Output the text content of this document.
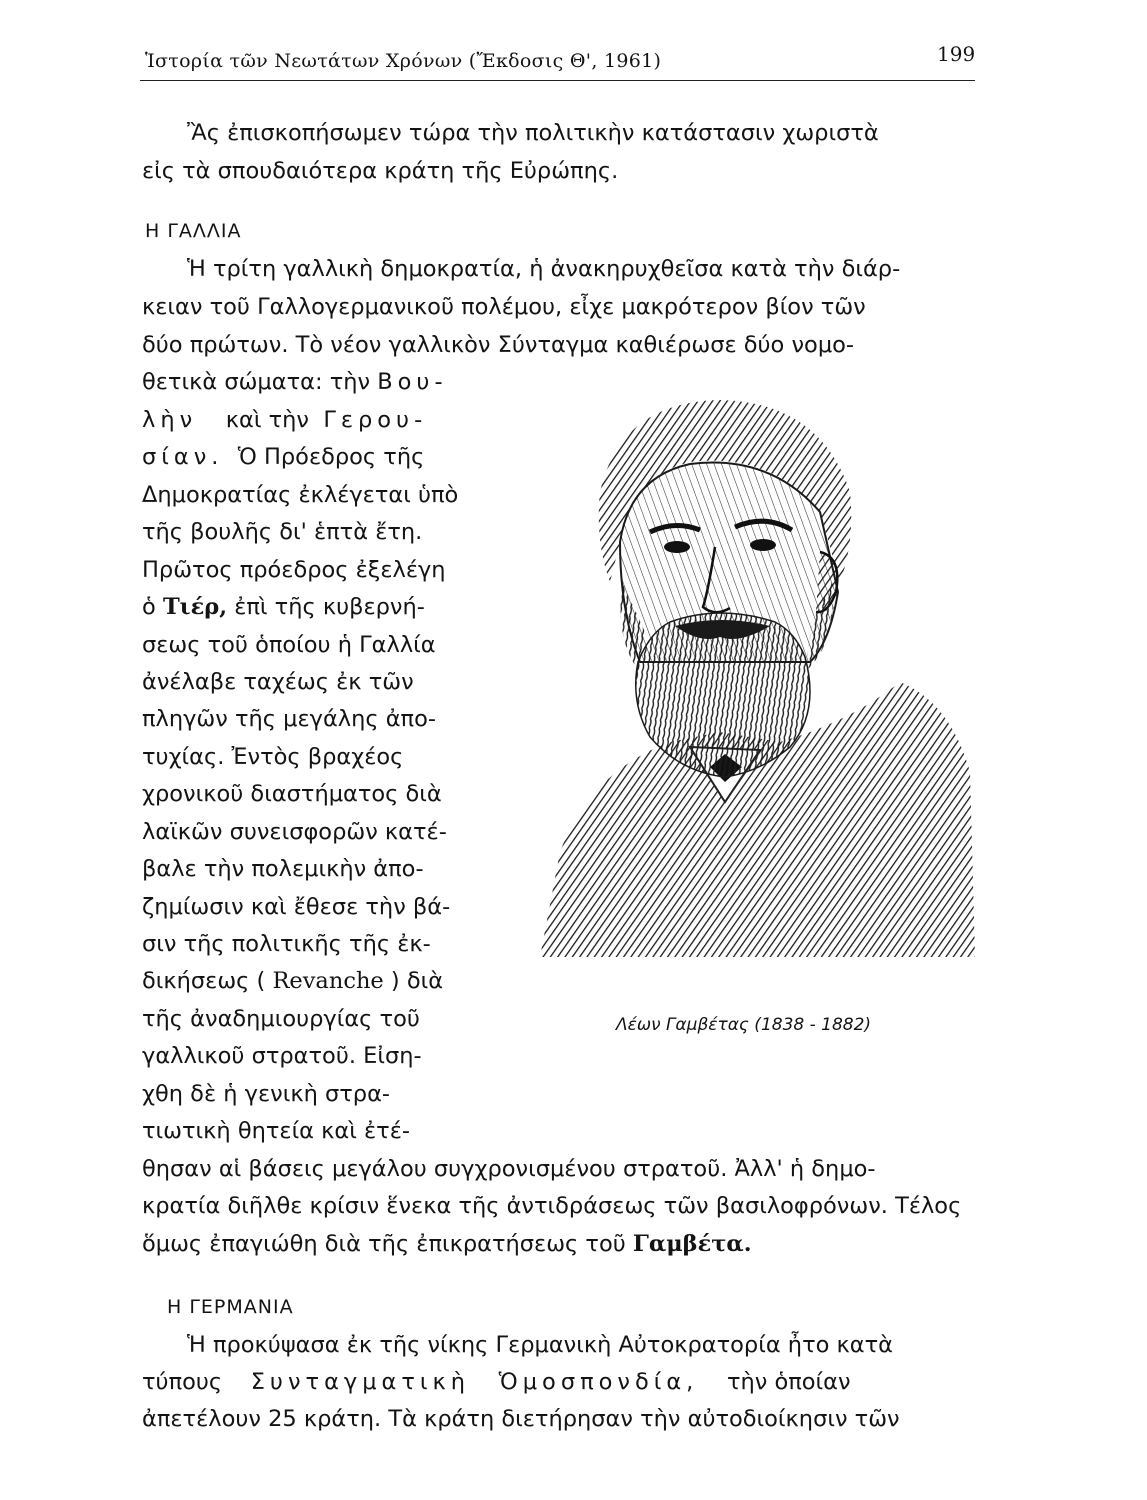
Ἱστορία τῶν Νεωτάτων Χρόνων (Ἔκδοσις Θ', 1961)	199
Ἂς ἐπισκοπήσωμεν τώρα τὴν πολιτικὴν κατάστασιν χωριστὰ
εἰς τὰ σπουδαιότερα κράτη τῆς Εὐρώπης.
Η ΓΑΛΛΙΑ
Ἡ τρίτη γαλλικὴ δημοκρατία, ἡ ἀνακηρυχθεῖσα κατὰ τὴν διάρ-
κειαν τοῦ Γαλλογερμανικοῦ πολέμου, εἶχε μακρότερον βίον τῶν
δύο πρώτων. Τὸ νέον γαλλικὸν Σύνταγμα καθιέρωσε δύο νομο-
θετικὰ σώματα: τὴν Βου-
λὴν καὶ τὴν Γερου-
σίαν. Ὁ Πρόεδρος τῆς
Δημοκρατίας ἐκλέγεται ὑπὸ
τῆς βουλῆς δι' ἑπτὰ ἔτη.
Πρῶτος πρόεδρος ἐξελέγη
ὁ Τιέρ, ἐπὶ τῆς κυβερνή-
σεως τοῦ ὁποίου ἡ Γαλλία
ἀνέλαβε ταχέως ἐκ τῶν
πληγῶν τῆς μεγάλης ἀπο-
τυχίας. Ἐντὸς βραχέος
χρονικοῦ διαστήματος διὰ
λαϊκῶν συνεισφορῶν κατέ-
βαλε τὴν πολεμικὴν ἀπο-
ζημίωσιν καὶ ἔθεσε τὴν βά-
σιν τῆς πολιτικῆς τῆς ἐκ-
δικήσεως ( Revanche ) διὰ
τῆς ἀναδημιουργίας τοῦ
γαλλικοῦ στρατοῦ. Εἰση-
χθη δὲ ἡ γενικὴ στρα-
τιωτικὴ θητεία καὶ ἐτέ-
Λέων Γαμβέτας (1838 - 1882)
θησαν αἱ βάσεις μεγάλου συγχρονισμένου στρατοῦ. Ἀλλ' ἡ δημο-
κρατία διῆλθε κρίσιν ἕνεκα τῆς ἀντιδράσεως τῶν βασιλοφρόνων. Τέλος
ὅμως ἐπαγιώθη διὰ τῆς ἐπικρατήσεως τοῦ Γαμβέτα.
Η ΓΕΡΜΑΝΙΑ
Ἡ προκύψασα ἐκ τῆς νίκης Γερμανικὴ Αὐτοκρατορία ἦτο κατὰ
τύπους Συνταγματικὴ Ὁμοσπονδία, τὴν ὁποίαν
ἀπετέλουν 25 κράτη. Τὰ κράτη διετήρησαν τὴν αὐτοδιοίκησιν τῶν
